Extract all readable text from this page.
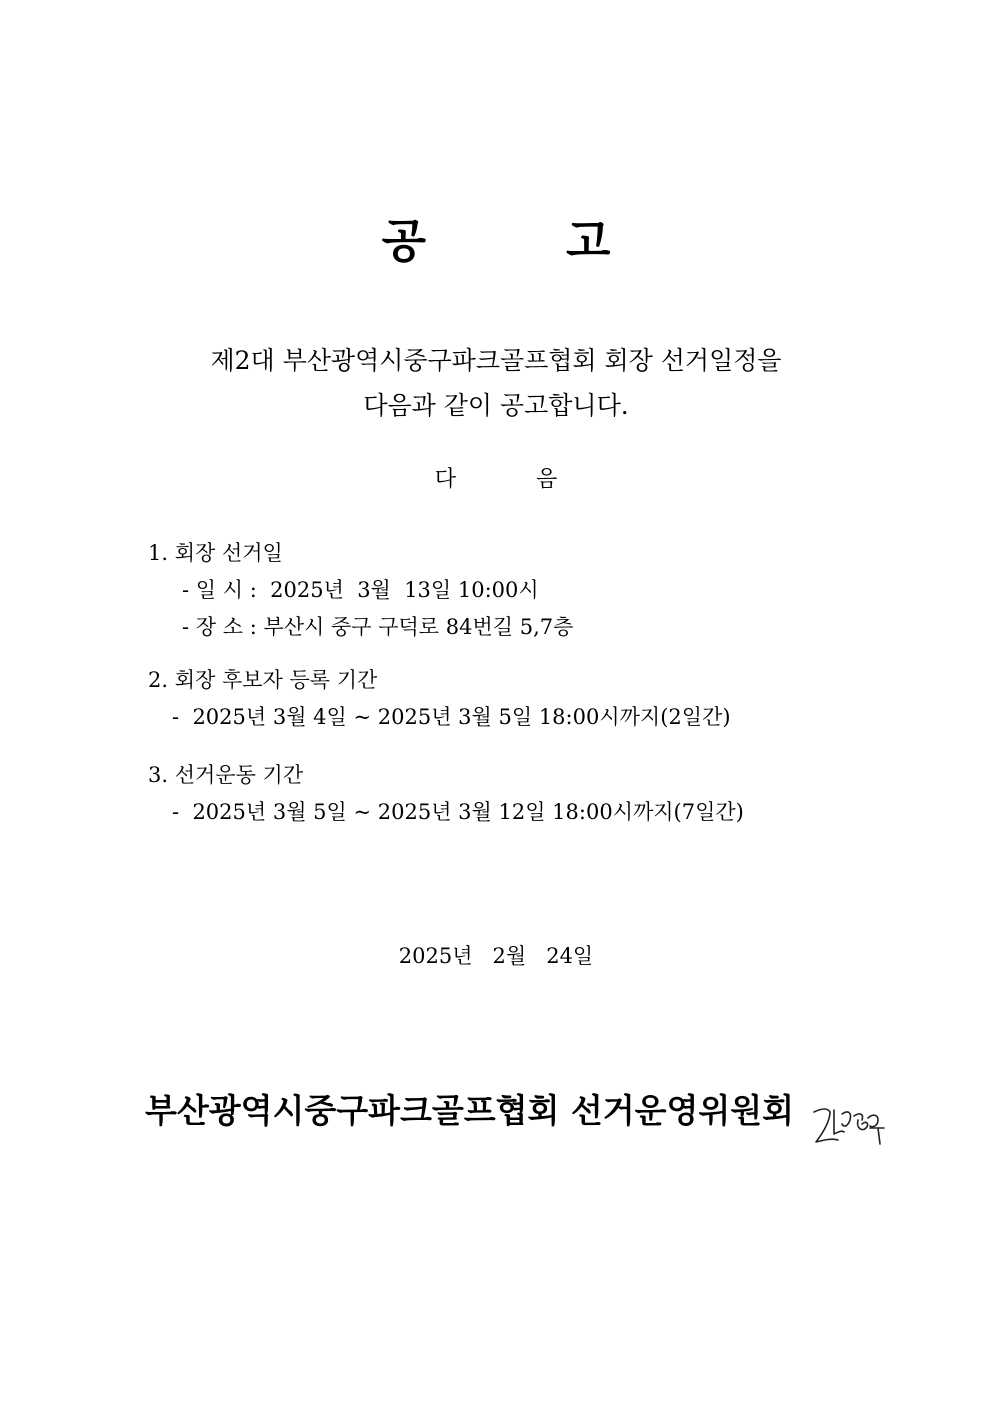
공	고
제2대 부산광역시중구파크골프협회 회장 선거일정을
다음과 같이 공고합니다.
다	음
1. 회장 선거일
- 일 시 :  2025년  3월  13일 10:00시
- 장 소 : 부산시 중구 구덕로 84번길 5,7층
2. 회장 후보자 등록 기간
-  2025년 3월 4일 ~ 2025년 3월 5일 18:00시까지(2일간)
3. 선거운동 기간
-  2025년 3월 5일 ~ 2025년 3월 12일 18:00시까지(7일간)
2025년   2월   24일
부산광역시중구파크골프협회 선거운영위원회
